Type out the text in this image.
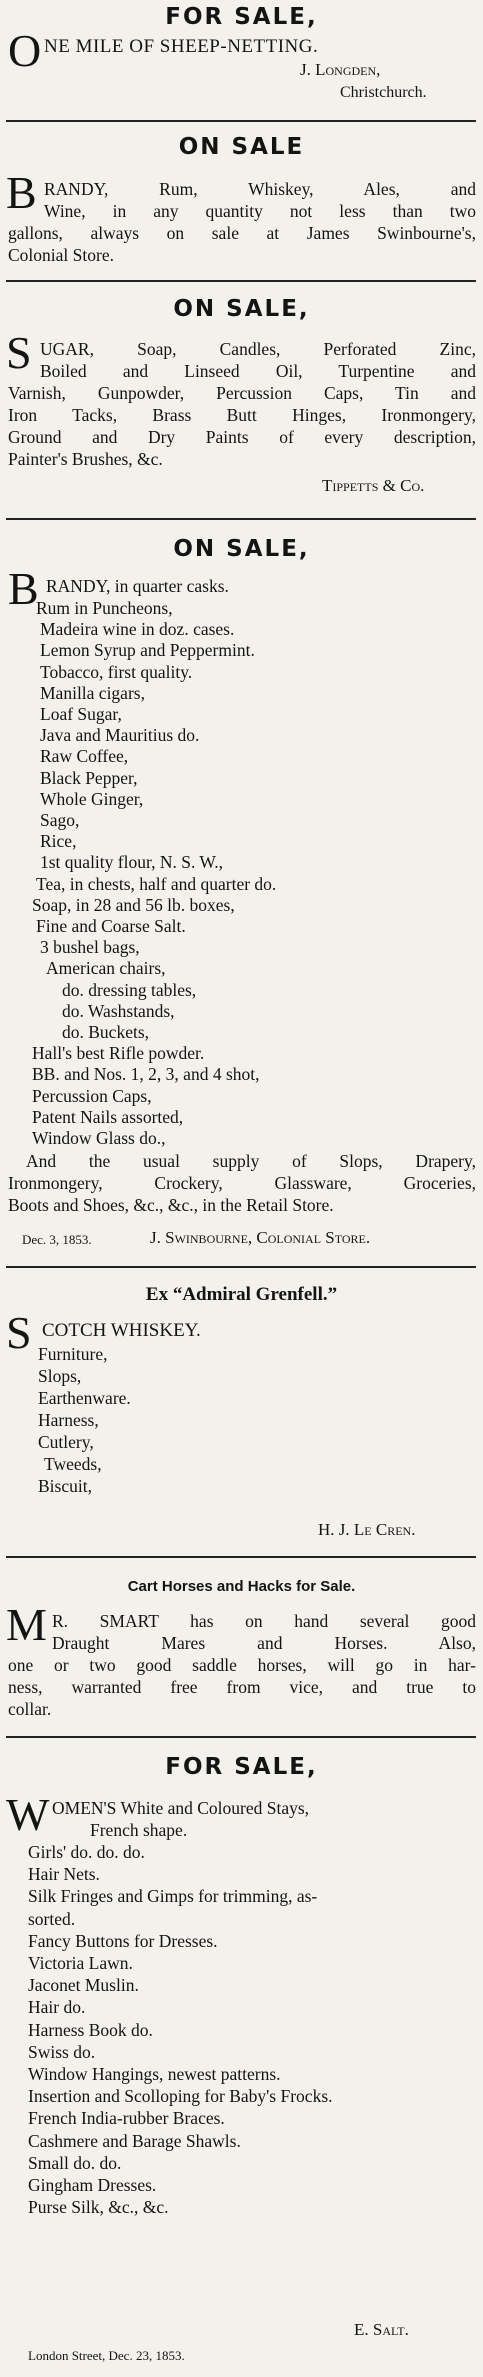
FOR SALE,
O NE MILE OF SHEEP-NETTING.
J. Longden,
Christchurch.
ON SALE
B RANDY, Rum, Whiskey, Ales, and
Wine, in any quantity not less than two
gallons, always on sale at James Swinbourne's,
Colonial Store.
ON SALE,
S UGAR, Soap, Candles, Perforated Zinc,
Boiled and Linseed Oil, Turpentine and
Varnish, Gunpowder, Percussion Caps, Tin and
Iron Tacks, Brass Butt Hinges, Ironmongery,
Ground and Dry Paints of every description,
Painter's Brushes, &c.
Tippetts & Co.
ON SALE,
B RANDY, in quarter casks.
Rum in Puncheons,
Madeira wine in doz. cases.
Lemon Syrup and Peppermint.
Tobacco, first quality.
Manilla cigars,
Loaf Sugar,
Java and Mauritius do.
Raw Coffee,
Black Pepper,
Whole Ginger,
Sago,
Rice,
1st quality flour, N. S. W.,
Tea, in chests, half and quarter do.
Soap, in 28 and 56 lb. boxes,
Fine and Coarse Salt.
3 bushel bags,
American chairs,
do. dressing tables,
do. Washstands,
do. Buckets,
Hall's best Rifle powder.
BB. and Nos. 1, 2, 3, and 4 shot,
Percussion Caps,
Patent Nails assorted,
Window Glass do.,
And the usual supply of Slops, Drapery,
Ironmongery, Crockery, Glassware, Groceries,
Boots and Shoes, &c., &c., in the Retail Store.
Dec. 3, 1853.	J. Swinbourne, Colonial Store.
Ex “Admiral Grenfell.”
S COTCH WHISKEY.
Furniture,
Slops,
Earthenware.
Harness,
Cutlery,
Tweeds,
Biscuit,
H. J. Le Cren.
Cart Horses and Hacks for Sale.
M R. SMART has on hand several good
Draught Mares and Horses. Also,
one or two good saddle horses, will go in har-
ness, warranted free from vice, and true to
collar.
FOR SALE,
W OMEN'S White and Coloured Stays,
French shape.
Girls' do. do. do.
Hair Nets.
Silk Fringes and Gimps for trimming, as-
sorted.
Fancy Buttons for Dresses.
Victoria Lawn.
Jaconet Muslin.
Hair do.
Harness Book do.
Swiss do.
Window Hangings, newest patterns.
Insertion and Scolloping for Baby's Frocks.
French India-rubber Braces.
Cashmere and Barage Shawls.
Small do. do.
Gingham Dresses.
Purse Silk, &c., &c.
E. Salt.
London Street, Dec. 23, 1853.
